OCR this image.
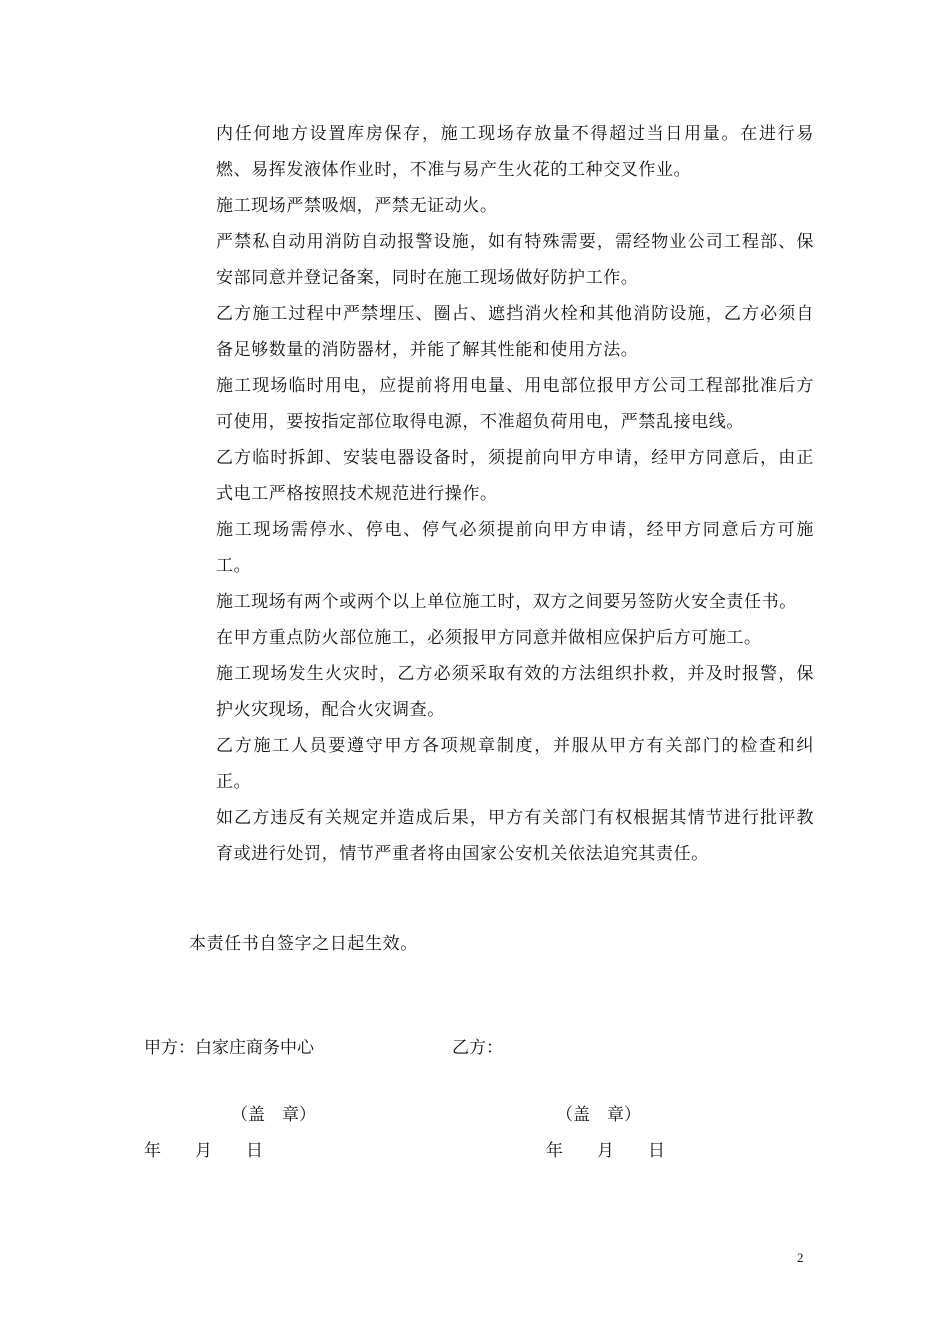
内任何地方设置库房保存，施工现场存放量不得超过当日用量。在进行易燃、易挥发液体作业时，不准与易产生火花的工种交叉作业。

施工现场严禁吸烟，严禁无证动火。

严禁私自动用消防自动报警设施，如有特殊需要，需经物业公司工程部、保安部同意并登记备案，同时在施工现场做好防护工作。

乙方施工过程中严禁埋压、圈占、遮挡消火栓和其他消防设施，乙方必须自备足够数量的消防器材，并能了解其性能和使用方法。

施工现场临时用电，应提前将用电量、用电部位报甲方公司工程部批准后方可使用，要按指定部位取得电源，不准超负荷用电，严禁乱接电线。

乙方临时拆卸、安装电器设备时，须提前向甲方申请，经甲方同意后，由正式电工严格按照技术规范进行操作。

施工现场需停水、停电、停气必须提前向甲方申请，经甲方同意后方可施工。

施工现场有两个或两个以上单位施工时，双方之间要另签防火安全责任书。

在甲方重点防火部位施工，必须报甲方同意并做相应保护后方可施工。

施工现场发生火灾时，乙方必须采取有效的方法组织扑救，并及时报警，保护火灾现场，配合火灾调查。

乙方施工人员要遵守甲方各项规章制度，并服从甲方有关部门的检查和纠正。

如乙方违反有关规定并造成后果，甲方有关部门有权根据其情节进行批评教育或进行处罚，情节严重者将由国家公安机关依法追究其责任。

本责任书自签字之日起生效。

甲方：白家庄商务中心	乙方：

（盖　章）	（盖　章）

年　　月　　日	年　　月　　日

2
